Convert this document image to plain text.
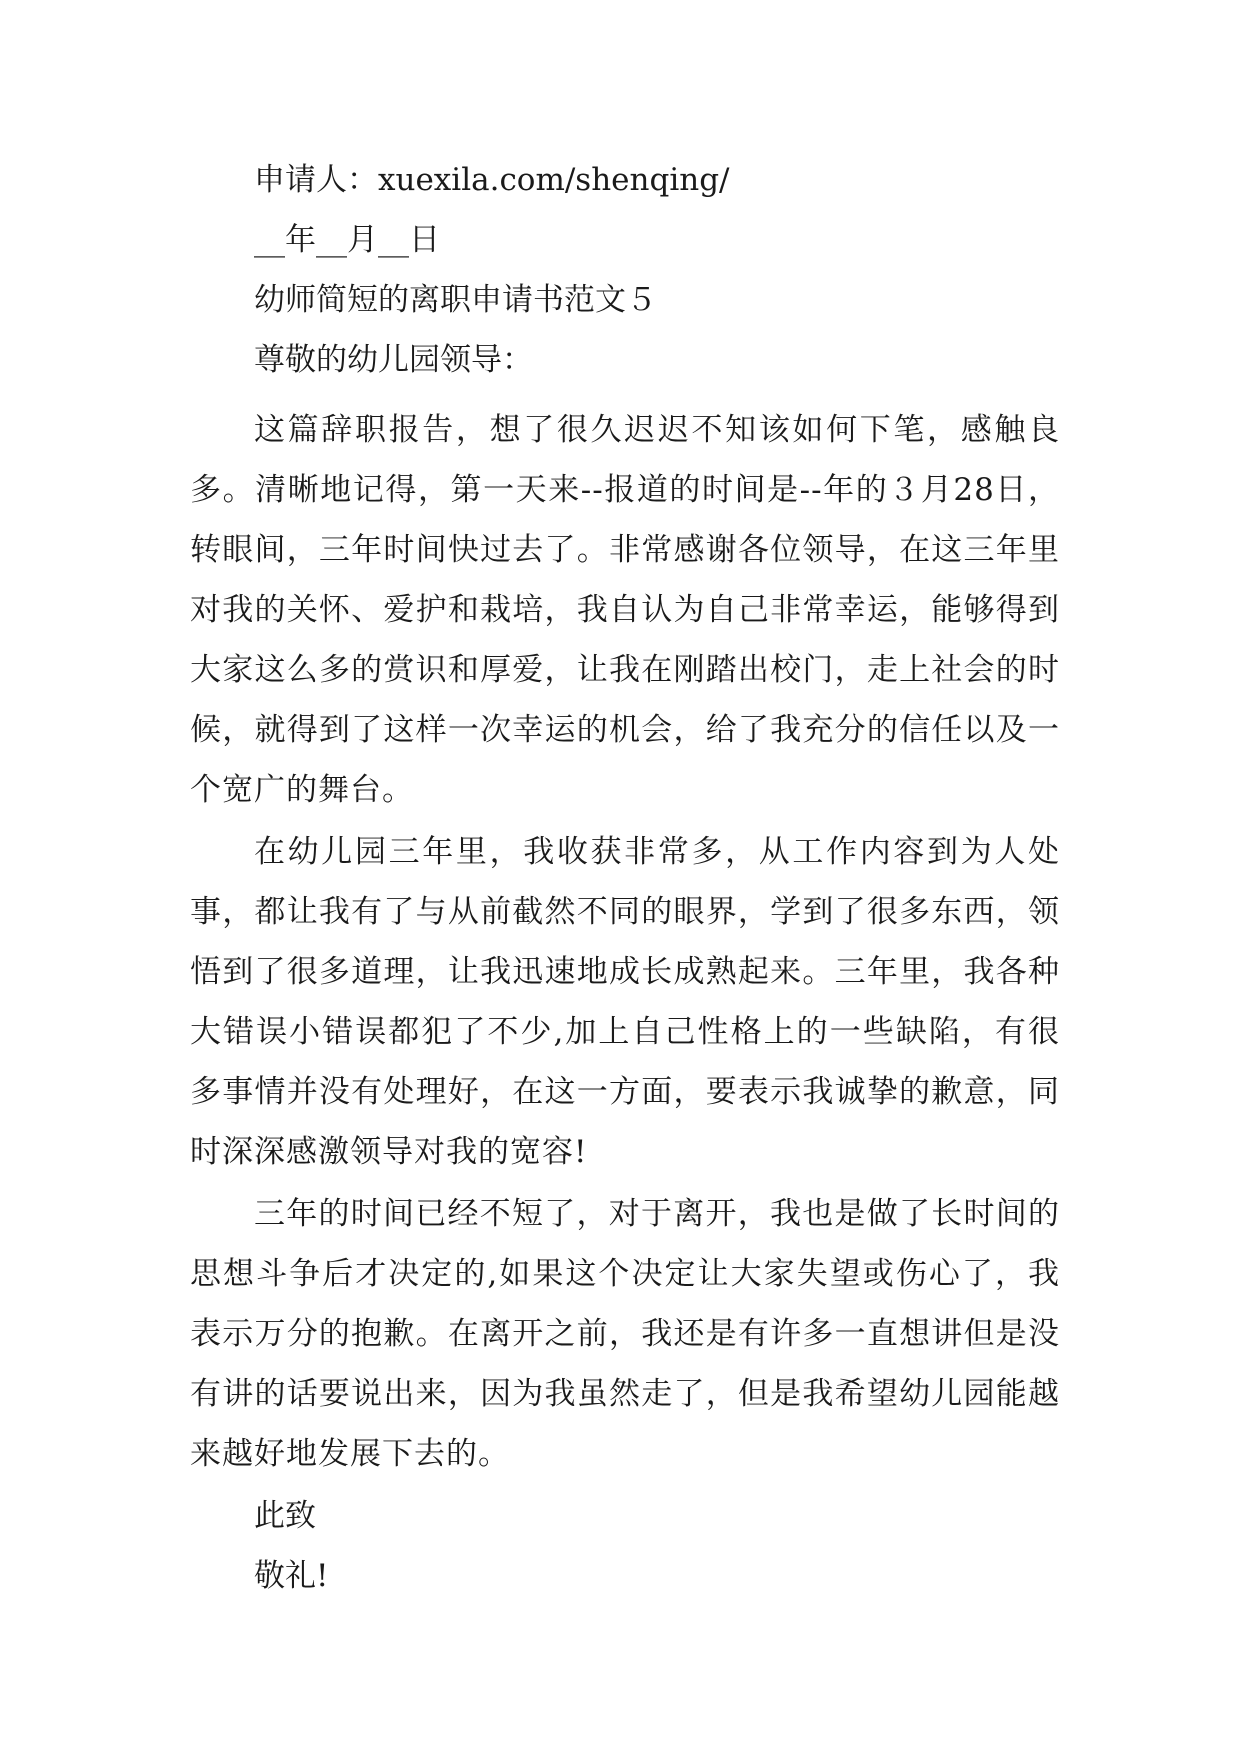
申请人：xuexila.com/shenqing/
__年__月__日
幼师简短的离职申请书范文５
尊敬的幼儿园领导：

这篇辞职报告，想了很久迟迟不知该如何下笔，感触良多。清晰地记得，第一天来--报道的时间是--年的３月28日，转眼间，三年时间快过去了。非常感谢各位领导，在这三年里对我的关怀、爱护和栽培，我自认为自己非常幸运，能够得到大家这么多的赏识和厚爱，让我在刚踏出校门，走上社会的时候，就得到了这样一次幸运的机会，给了我充分的信任以及一个宽广的舞台。

在幼儿园三年里，我收获非常多，从工作内容到为人处事，都让我有了与从前截然不同的眼界，学到了很多东西，领悟到了很多道理，让我迅速地成长成熟起来。三年里，我各种大错误小错误都犯了不少,加上自己性格上的一些缺陷，有很多事情并没有处理好，在这一方面，要表示我诚挚的歉意，同时深深感激领导对我的宽容!

三年的时间已经不短了，对于离开，我也是做了长时间的思想斗争后才决定的,如果这个决定让大家失望或伤心了，我表示万分的抱歉。在离开之前，我还是有许多一直想讲但是没有讲的话要说出来，因为我虽然走了，但是我希望幼儿园能越来越好地发展下去的。

此致
敬礼!
